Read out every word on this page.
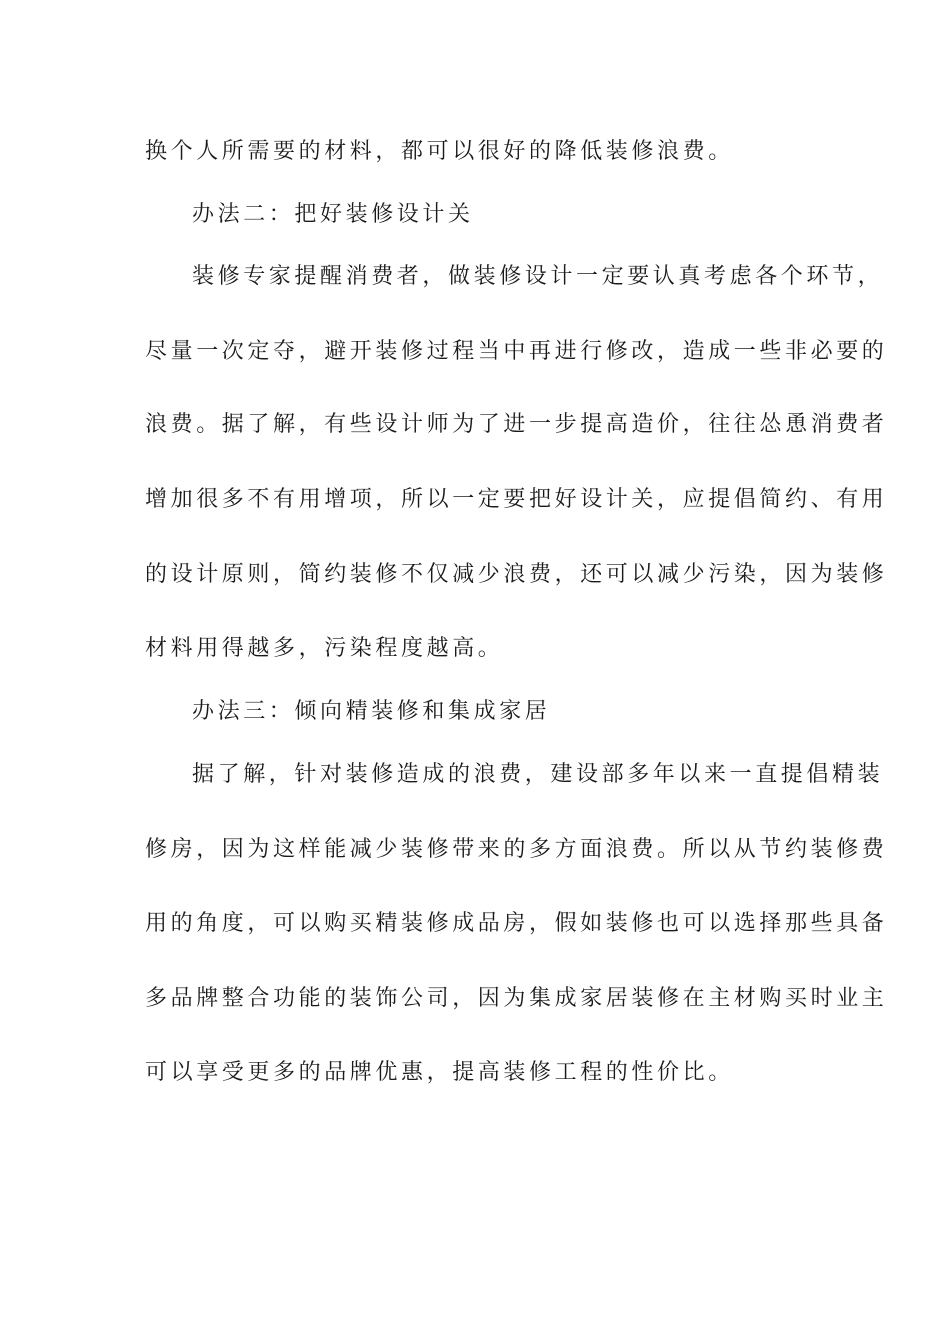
换个人所需要的材料，都可以很好的降低装修浪费。
办法二：把好装修设计关
装修专家提醒消费者，做装修设计一定要认真考虑各个环节，
尽量一次定夺，避开装修过程当中再进行修改，造成一些非必要的
浪费。据了解，有些设计师为了进一步提高造价，往往怂恿消费者
增加很多不有用增项，所以一定要把好设计关，应提倡简约、有用
的设计原则，简约装修不仅减少浪费，还可以减少污染，因为装修
材料用得越多，污染程度越高。
办法三：倾向精装修和集成家居
据了解，针对装修造成的浪费，建设部多年以来一直提倡精装
修房，因为这样能减少装修带来的多方面浪费。所以从节约装修费
用的角度，可以购买精装修成品房，假如装修也可以选择那些具备
多品牌整合功能的装饰公司，因为集成家居装修在主材购买时业主
可以享受更多的品牌优惠，提高装修工程的性价比。
